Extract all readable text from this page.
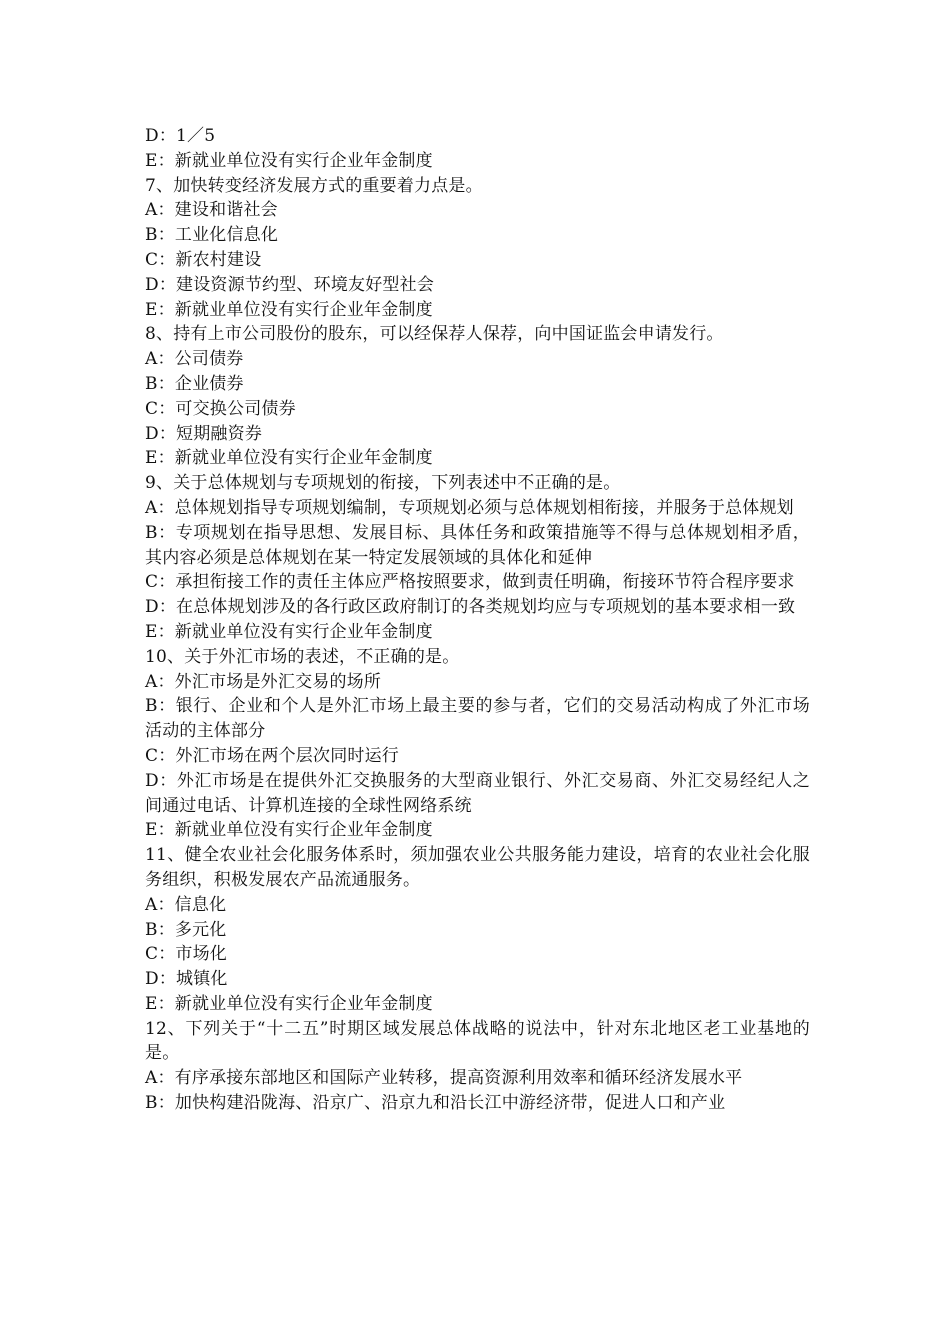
D：1／5

E：新就业单位没有实行企业年金制度

7、加快转变经济发展方式的重要着力点是。

A：建设和谐社会

B：工业化信息化

C：新农村建设

D：建设资源节约型、环境友好型社会

E：新就业单位没有实行企业年金制度

8、持有上市公司股份的股东，可以经保荐人保荐，向中国证监会申请发行。

A：公司债券

B：企业债券

C：可交换公司债券

D：短期融资券

E：新就业单位没有实行企业年金制度

9、关于总体规划与专项规划的衔接，下列表述中不正确的是。

A：总体规划指导专项规划编制，专项规划必须与总体规划相衔接，并服务于总体规划

B：专项规划在指导思想、发展目标、具体任务和政策措施等不得与总体规划相矛盾，其内容必须是总体规划在某一特定发展领域的具体化和延伸

C：承担衔接工作的责任主体应严格按照要求，做到责任明确，衔接环节符合程序要求

D：在总体规划涉及的各行政区政府制订的各类规划均应与专项规划的基本要求相一致

E：新就业单位没有实行企业年金制度

10、关于外汇市场的表述，不正确的是。

A：外汇市场是外汇交易的场所

B：银行、企业和个人是外汇市场上最主要的参与者，它们的交易活动构成了外汇市场活动的主体部分

C：外汇市场在两个层次同时运行

D：外汇市场是在提供外汇交换服务的大型商业银行、外汇交易商、外汇交易经纪人之间通过电话、计算机连接的全球性网络系统

E：新就业单位没有实行企业年金制度

11、健全农业社会化服务体系时，须加强农业公共服务能力建设，培育的农业社会化服务组织，积极发展农产品流通服务。

A：信息化

B：多元化

C：市场化

D：城镇化

E：新就业单位没有实行企业年金制度

12、下列关于“十二五”时期区域发展总体战略的说法中，针对东北地区老工业基地的是。

A：有序承接东部地区和国际产业转移，提高资源利用效率和循环经济发展水平

B：加快构建沿陇海、沿京广、沿京九和沿长江中游经济带，促进人口和产业
